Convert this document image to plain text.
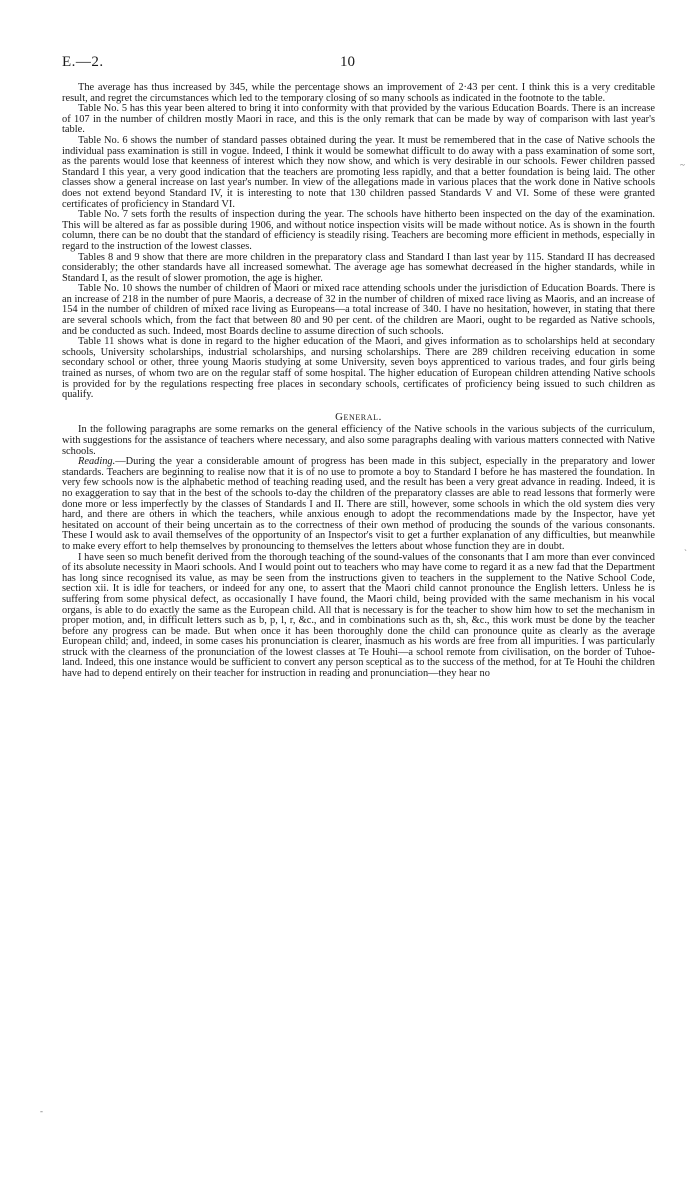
E.—2.	10

The average has thus increased by 345, while the percentage shows an improvement of 2·43 per cent. I think this is a very creditable result, and regret the circumstances which led to the temporary closing of so many schools as indicated in the footnote to the table.

Table No. 5 has this year been altered to bring it into conformity with that provided by the various Education Boards. There is an increase of 107 in the number of children mostly Maori in race, and this is the only remark that can be made by way of comparison with last year's table.

Table No. 6 shows the number of standard passes obtained during the year. It must be remembered that in the case of Native schools the individual pass examination is still in vogue. Indeed, I think it would be somewhat difficult to do away with a pass examination of some sort, as the parents would lose that keenness of interest which they now show, and which is very desirable in our schools. Fewer children passed Standard I this year, a very good indication that the teachers are promoting less rapidly, and that a better foundation is being laid. The other classes show a general increase on last year's number. In view of the allegations made in various places that the work done in Native schools does not extend beyond Standard IV, it is interesting to note that 130 children passed Standards V and VI. Some of these were granted certificates of proficiency in Standard VI.

Table No. 7 sets forth the results of inspection during the year. The schools have hitherto been inspected on the day of the examination. This will be altered as far as possible during 1906, and without notice inspection visits will be made without notice. As is shown in the fourth column, there can be no doubt that the standard of efficiency is steadily rising. Teachers are becoming more efficient in methods, especially in regard to the instruction of the lowest classes.

Tables 8 and 9 show that there are more children in the preparatory class and Standard I than last year by 115. Standard II has decreased considerably; the other standards have all increased somewhat. The average age has somewhat decreased in the higher standards, while in Standard I, as the result of slower promotion, the age is higher.

Table No. 10 shows the number of children of Maori or mixed race attending schools under the jurisdiction of Education Boards. There is an increase of 218 in the number of pure Maoris, a decrease of 32 in the number of children of mixed race living as Maoris, and an increase of 154 in the number of children of mixed race living as Europeans—a total increase of 340. I have no hesitation, however, in stating that there are several schools which, from the fact that between 80 and 90 per cent. of the children are Maori, ought to be regarded as Native schools, and be conducted as such. Indeed, most Boards decline to assume direction of such schools.

Table 11 shows what is done in regard to the higher education of the Maori, and gives information as to scholarships held at secondary schools, University scholarships, industrial scholarships, and nursing scholarships. There are 289 children receiving education in some secondary school or other, three young Maoris studying at some University, seven boys apprenticed to various trades, and four girls being trained as nurses, of whom two are on the regular staff of some hospital. The higher education of European children attending Native schools is provided for by the regulations respecting free places in secondary schools, certificates of proficiency being issued to such children as qualify.

General.

In the following paragraphs are some remarks on the general efficiency of the Native schools in the various subjects of the curriculum, with suggestions for the assistance of teachers where necessary, and also some paragraphs dealing with various matters connected with Native schools.

Reading.—During the year a considerable amount of progress has been made in this subject, especially in the preparatory and lower standards. Teachers are beginning to realise now that it is of no use to promote a boy to Standard I before he has mastered the foundation. In very few schools now is the alphabetic method of teaching reading used, and the result has been a very great advance in reading. Indeed, it is no exaggeration to say that in the best of the schools to-day the children of the preparatory classes are able to read lessons that formerly were done more or less imperfectly by the classes of Standards I and II. There are still, however, some schools in which the old system dies very hard, and there are others in which the teachers, while anxious enough to adopt the recommendations made by the Inspector, have yet hesitated on account of their being uncertain as to the correctness of their own method of producing the sounds of the various consonants. These I would ask to avail themselves of the opportunity of an Inspector's visit to get a further explanation of any difficulties, but meanwhile to make every effort to help themselves by pronouncing to themselves the letters about whose function they are in doubt.

I have seen so much benefit derived from the thorough teaching of the sound-values of the consonants that I am more than ever convinced of its absolute necessity in Maori schools. And I would point out to teachers who may have come to regard it as a new fad that the Department has long since recognised its value, as may be seen from the instructions given to teachers in the supplement to the Native School Code, section xii. It is idle for teachers, or indeed for any one, to assert that the Maori child cannot pronounce the English letters. Unless he is suffering from some physical defect, as occasionally I have found, the Maori child, being provided with the same mechanism in his vocal organs, is able to do exactly the same as the European child. All that is necessary is for the teacher to show him how to set the mechanism in proper motion, and, in difficult letters such as b, p, l, r, &c., and in combinations such as th, sh, &c., this work must be done by the teacher before any progress can be made. But when once it has been thoroughly done the child can pronounce quite as clearly as the average European child; and, indeed, in some cases his pronunciation is clearer, inasmuch as his words are free from all impurities. I was particularly struck with the clearness of the pronunciation of the lowest classes at Te Houhi—a school remote from civilisation, on the border of Tuhoe-land. Indeed, this one instance would be sufficient to convert any person sceptical as to the success of the method, for at Te Houhi the children have had to depend entirely on their teacher for instruction in reading and pronunciation—they hear no

~
`
-
